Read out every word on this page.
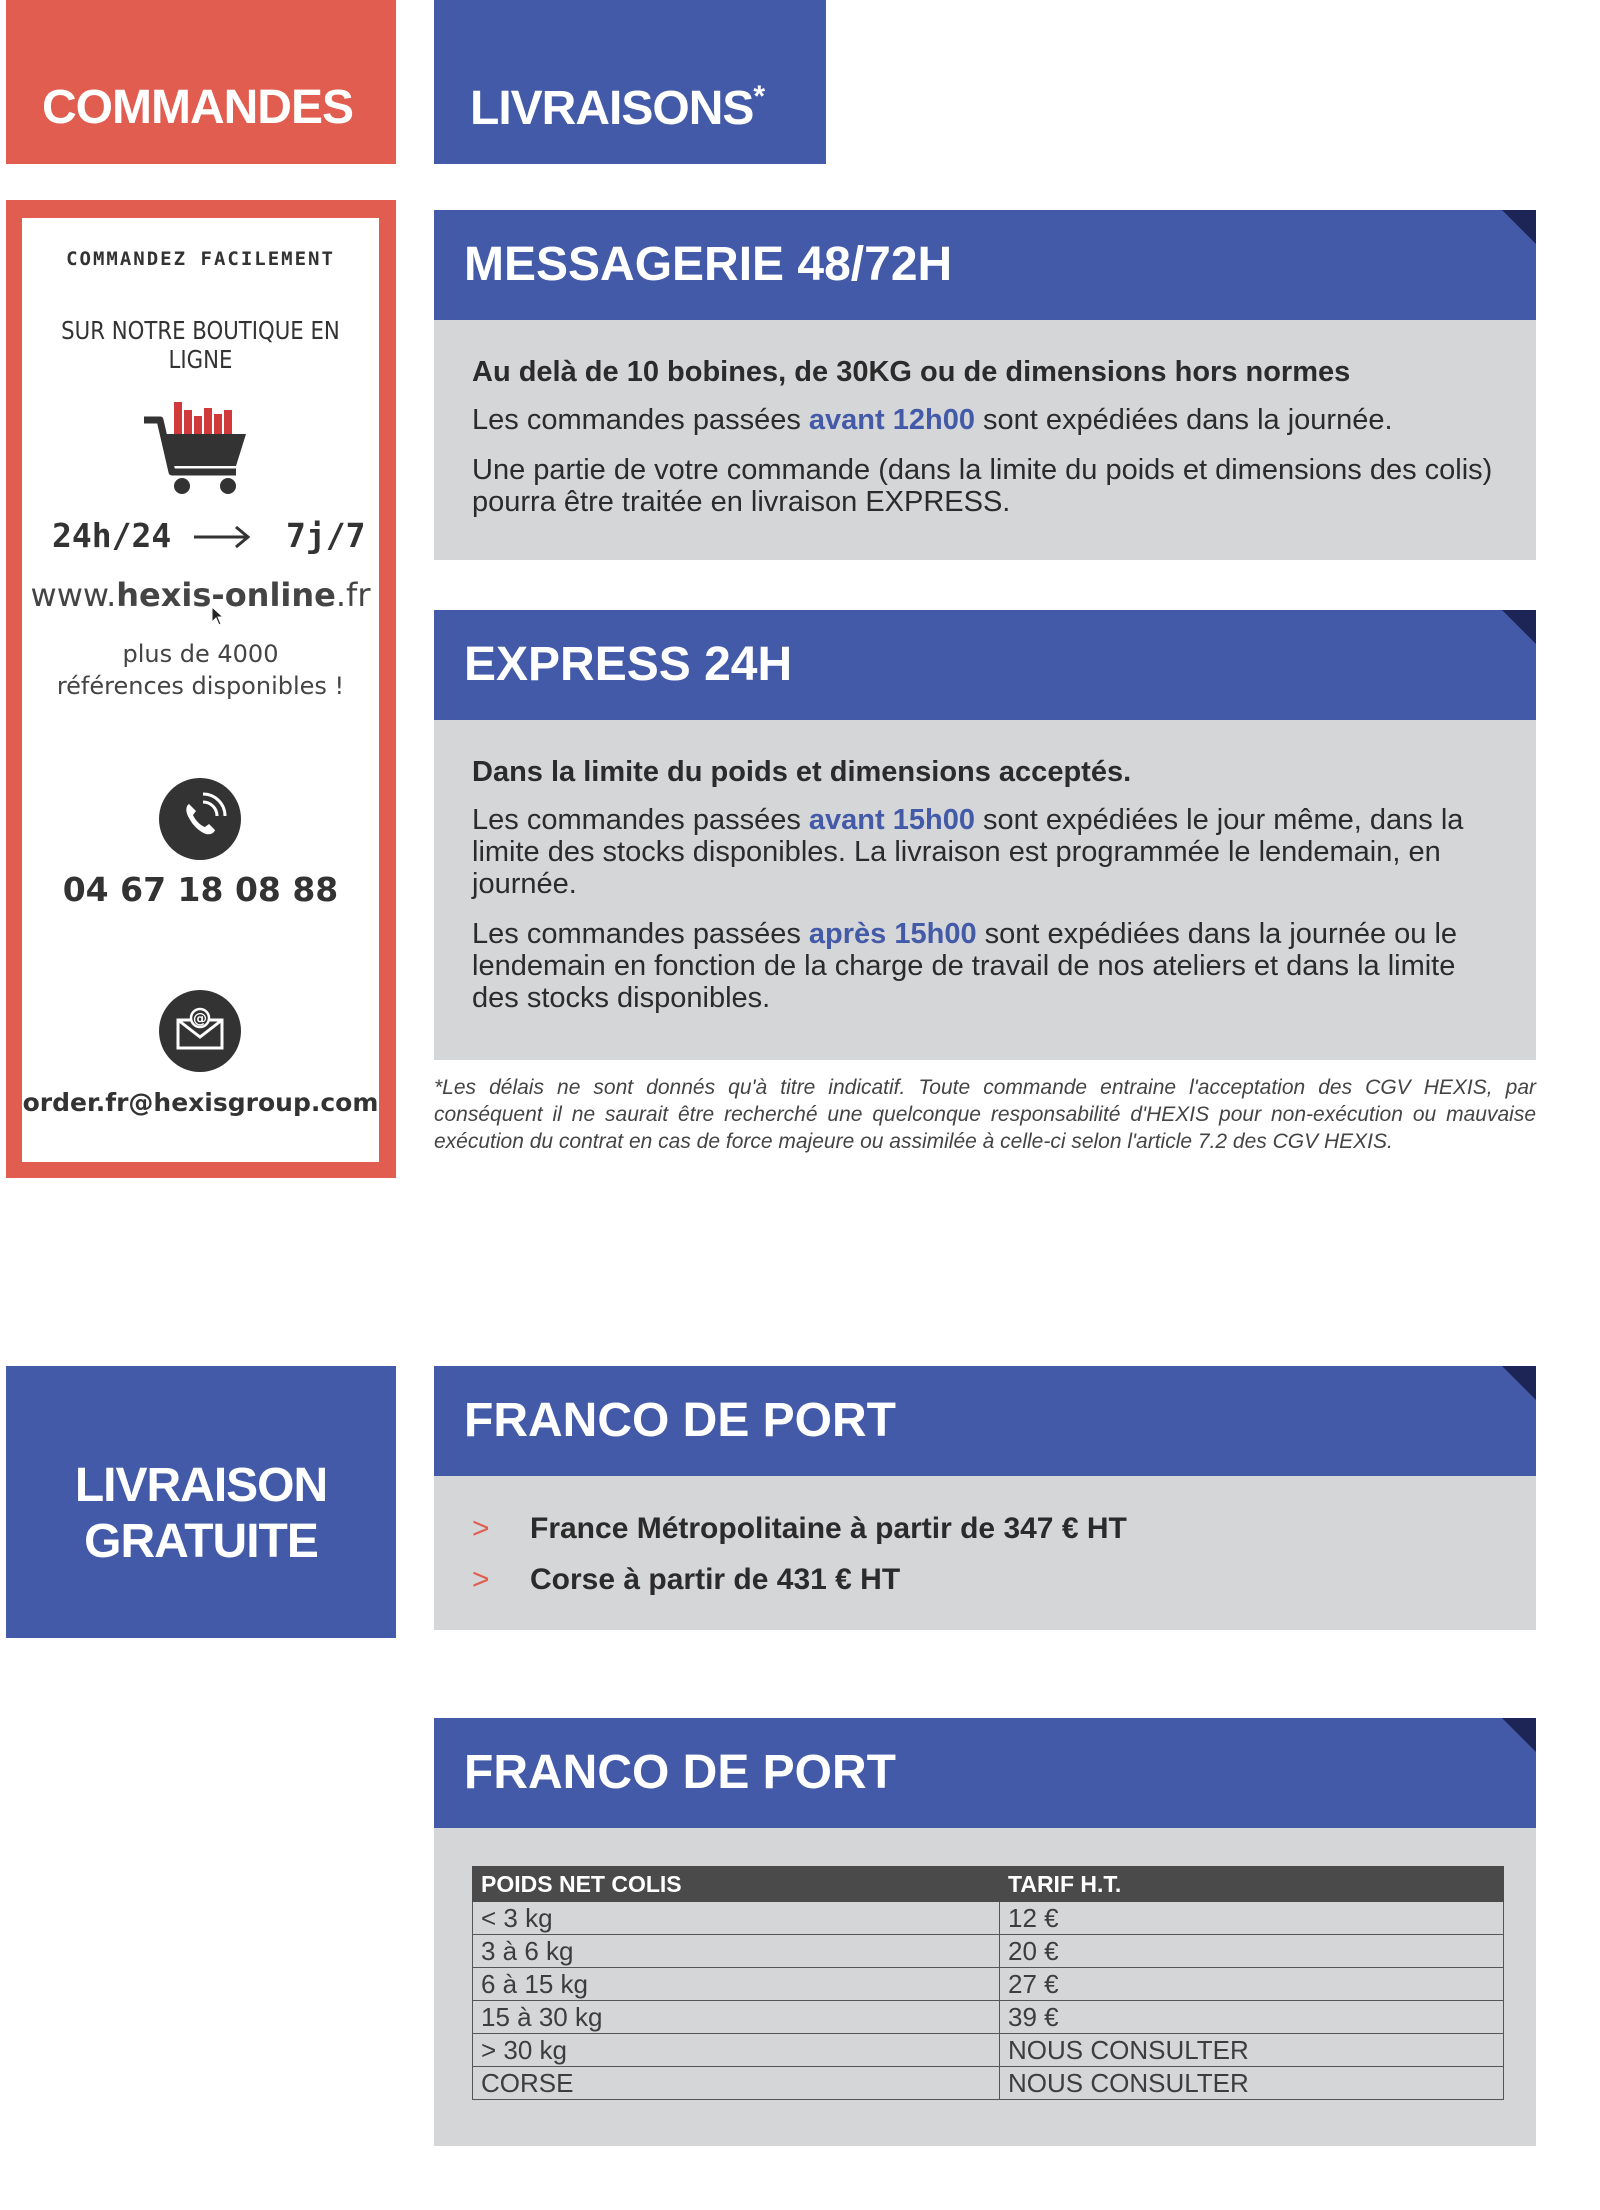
COMMANDES LIVRAISONS*
COMMANDEZ FACILEMENT
SUR NOTRE BOUTIQUE EN LIGNE
24h/24	7j/7
www.hexis-online.fr
plus de 4000
références disponibles !
04 67 18 08 88
@
order.fr@hexisgroup.com
MESSAGERIE 48/72H

Au delà de 10 bobines, de 30KG ou de dimensions hors normes

Les commandes passées avant 12h00 sont expédiées dans la journée.

Une partie de votre commande (dans la limite du poids et dimensions des colis) pourra être traitée en livraison EXPRESS.

EXPRESS 24H

Dans la limite du poids et dimensions acceptés.

Les commandes passées avant 15h00 sont expédiées le jour même, dans la limite des stocks disponibles. La livraison est programmée le lendemain, en journée.

Les commandes passées après 15h00 sont expédiées dans la journée ou le lendemain en fonction de la charge de travail de nos ateliers et dans la limite des stocks disponibles.

*Les délais ne sont donnés qu'à titre indicatif. Toute commande entraine l'acceptation des CGV HEXIS, par conséquent il ne saurait être recherché une quelconque responsabilité d'HEXIS pour non-exécution ou mauvaise exécution du contrat en cas de force majeure ou assimilée à celle-ci selon l'article 7.2 des CGV HEXIS.
LIVRAISON
GRATUITE
FRANCO DE PORT
> France Métropolitaine à partir de 347 € HT
> Corse à partir de 431 € HT
FRANCO DE PORT
POIDS NET COLIS	TARIF H.T.
< 3 kg	12 €
3 à 6 kg	20 €
6 à 15 kg	27 €
15 à 30 kg	39 €
> 30 kg	NOUS CONSULTER
CORSE	NOUS CONSULTER
